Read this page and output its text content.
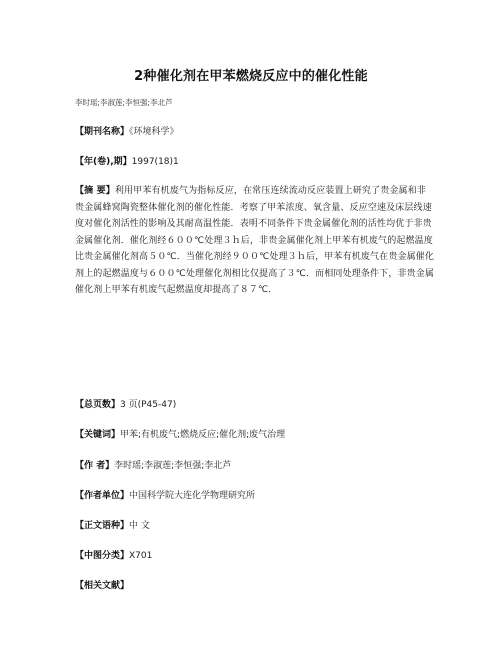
2种催化剂在甲苯燃烧反应中的催化性能
李时瑶;李淑莲;李恒强;李北芦
【期刊名称】《环境科学》
【年(卷),期】1997(18)1
【摘 要】利用甲苯有机废气为指标反应，在常压连续流动反应装置上研究了贵金属和非贵金属蜂窝陶瓷整体催化剂的催化性能．考察了甲苯浓度、氧含量、反应空速及床层线速度对催化剂活性的影响及其耐高温性能．表明不同条件下贵金属催化剂的活性均优于非贵金属催化剂．催化剂经６００℃处理３ｈ后，非贵金属催化剂上甲苯有机废气的起燃温度比贵金属催化剂高５０℃．当催化剂经９００℃处理３ｈ后，甲苯有机废气在贵金属催化剂上的起燃温度与６００℃处理催化剂相比仅提高了３℃．而相同处理条件下，非贵金属催化剂上甲苯有机废气起燃温度却提高了８７℃．
【总页数】3 页(P45-47)
【关键词】甲苯;有机废气;燃烧反应;催化剂;废气治理
【作 者】李时瑶;李淑莲;李恒强;李北芦
【作者单位】中国科学院大连化学物理研究所
【正文语种】中 文
【中图分类】X701
【相关文献】
